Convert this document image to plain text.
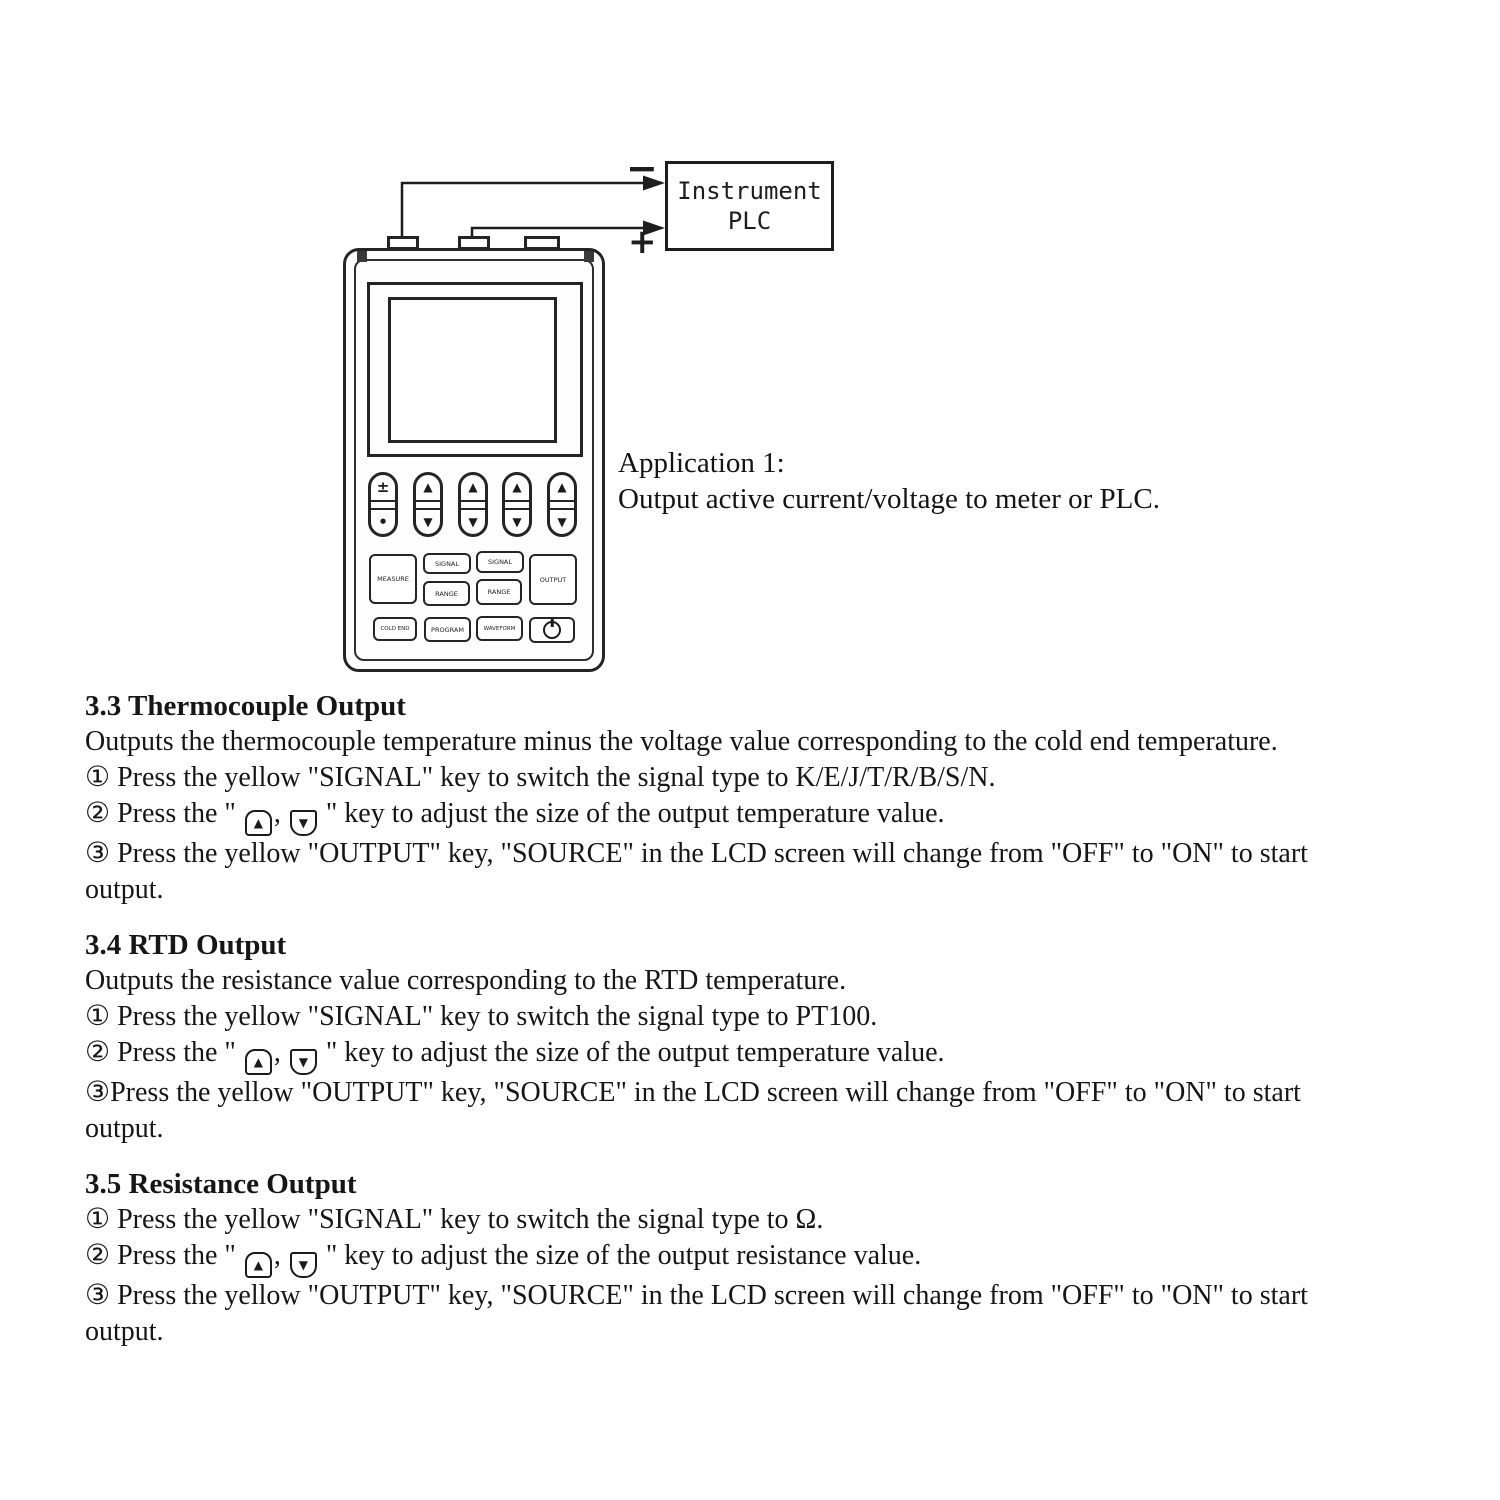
Instrument
PLC
−
+
±
•
▲
▼
▲
▼
▲
▼
▲
▼
MEASURE
SIGNAL	SIGNAL
OUTPUT
RANGE	RANGE
COLD END	PROGRAM	WAVEFORM
Application 1:
Output active current/voltage to meter or PLC.
3.3 Thermocouple Output
Outputs the thermocouple temperature minus the voltage value corresponding to the cold end temperature.
① Press the yellow "SIGNAL" key to switch the signal type to K/E/J/T/R/B/S/N.
② Press the " ▲ , ▼ " key to adjust the size of the output temperature value.
③ Press the yellow "OUTPUT" key, "SOURCE" in the LCD screen will change from "OFF" to "ON" to start
output.
3.4 RTD Output
Outputs the resistance value corresponding to the RTD temperature.
① Press the yellow "SIGNAL" key to switch the signal type to PT100.
② Press the " ▲ , ▼ " key to adjust the size of the output temperature value.
③Press the yellow "OUTPUT" key, "SOURCE" in the LCD screen will change from "OFF" to "ON" to start
output.
3.5 Resistance Output
① Press the yellow "SIGNAL" key to switch the signal type to Ω.
② Press the " ▲ , ▼ " key to adjust the size of the output resistance value.
③ Press the yellow "OUTPUT" key, "SOURCE" in the LCD screen will change from "OFF" to "ON" to start
output.
